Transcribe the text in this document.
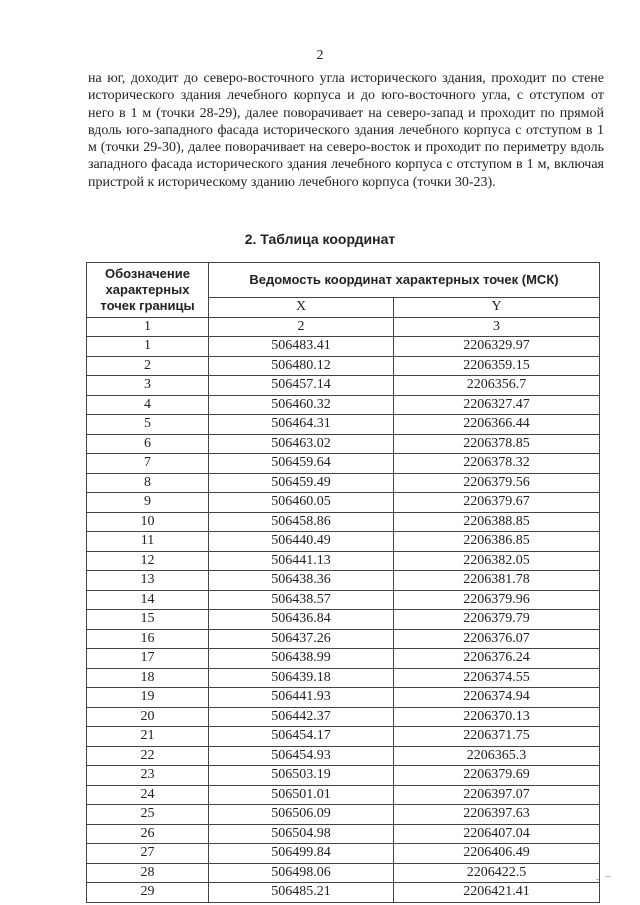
2

на юг, доходит до северо-восточного угла исторического здания, проходит по стене исторического здания лечебного корпуса и до юго-восточного угла, с отступом от него в 1 м (точки 28-29), далее поворачивает на северо-запад и проходит по прямой вдоль юго-западного фасада исторического здания лечебного корпуса с отступом в 1 м (точки 29-30), далее поворачивает на северо-восток и проходит по периметру вдоль западного фасада исторического здания лечебного корпуса с отступом в 1 м, включая пристрой к историческому зданию лечебного корпуса (точки 30-23).

2. Таблица координат
Обозначение характерных точек границы	Ведомость координат характерных точек (МСК)	
	X	Y
1	2	3
1	506483.41	2206329.97
2	506480.12	2206359.15
3	506457.14	2206356.7
4	506460.32	2206327.47
5	506464.31	2206366.44
6	506463.02	2206378.85
7	506459.64	2206378.32
8	506459.49	2206379.56
9	506460.05	2206379.67
10	506458.86	2206388.85
11	506440.49	2206386.85
12	506441.13	2206382.05
13	506438.36	2206381.78
14	506438.57	2206379.96
15	506436.84	2206379.79
16	506437.26	2206376.07
17	506438.99	2206376.24
18	506439.18	2206374.55
19	506441.93	2206374.94
20	506442.37	2206370.13
21	506454.17	2206371.75
22	506454.93	2206365.3
23	506503.19	2206379.69
24	506501.01	2206397.07
25	506506.09	2206397.63
26	506504.98	2206407.04
27	506499.84	2206406.49
28	506498.06	2206422.5
29	506485.21	2206421.41
